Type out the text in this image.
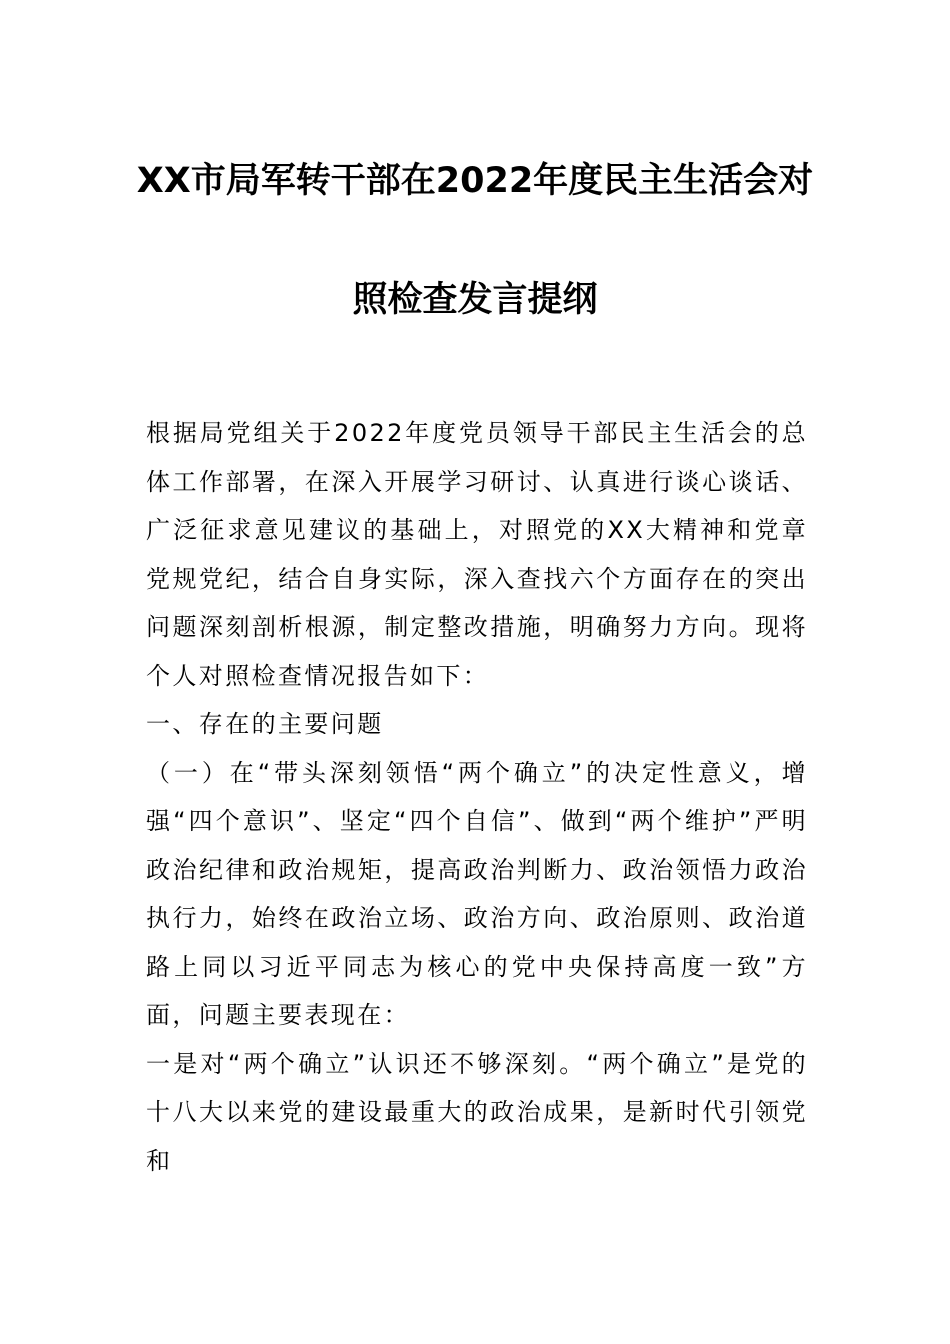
XX市局军转干部在2022年度民主生活会对
照检查发言提纲

根据局党组关于2022年度党员领导干部民主生活会的总体工作部署，在深入开展学习研讨、认真进行谈心谈话、广泛征求意见建议的基础上，对照党的XX大精神和党章党规党纪，结合自身实际，深入查找六个方面存在的突出问题深刻剖析根源，制定整改措施，明确努力方向。现将个人对照检查情况报告如下：

一、存在的主要问题

（一）在“带头深刻领悟“两个确立”的决定性意义，增强“四个意识”、坚定“四个自信”、做到“两个维护”严明政治纪律和政治规矩，提高政治判断力、政治领悟力政治执行力，始终在政治立场、政治方向、政治原则、政治道路上同以习近平同志为核心的党中央保持高度一致”方面，问题主要表现在：

一是对“两个确立”认识还不够深刻。“两个确立”是党的十八大以来党的建设最重大的政治成果，是新时代引领党和
